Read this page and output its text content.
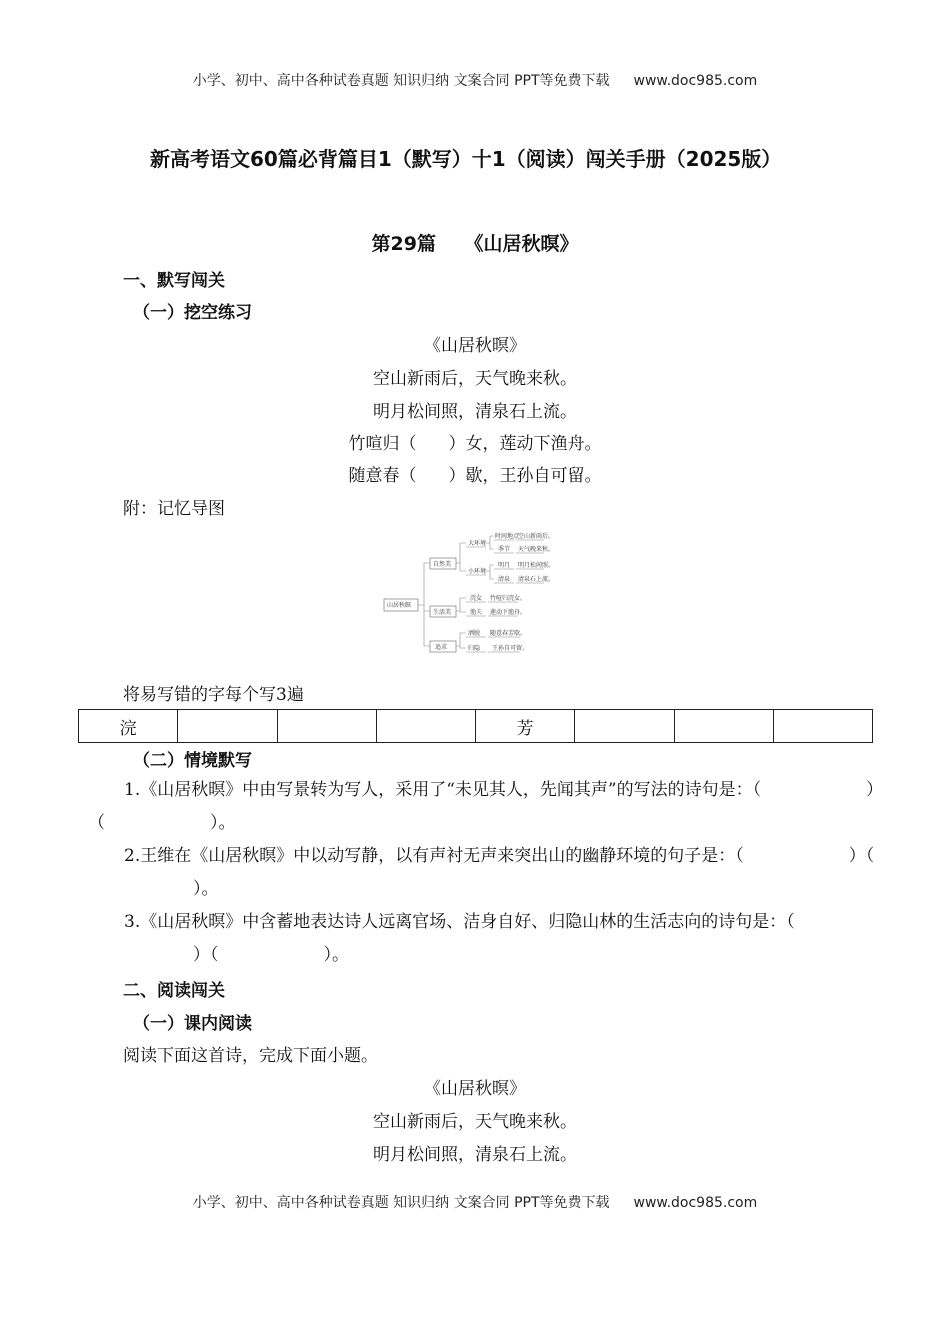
小学、初中、高中各种试卷真题 知识归纳 文案合同 PPT等免费下载 www.doc985.com
新高考语文60篇必背篇目1（默写）十1（阅读）闯关手册（2025版）
第29篇　　《山居秋暝》
一、默写闯关
（一）挖空练习
《山居秋暝》
空山新雨后，天气晚来秋。
明月松间照，清泉石上流。
竹喧归（ ）女，莲动下渔舟。
随意春（ ）歇，王孙自可留。
附：记忆导图
山居秋暝
自然美
生活美
追求
大环境
小环境
时间地点
空山新雨后。
季节 天气晚来秋。
明月 明月松间照。
清泉 清泉石上流。
浣女 竹喧归浣女。
渔夫 莲动下渔舟。
洒脱 随意春芳歇。
归隐 王孙自可留。
将易写错的字每个写3遍
浣				芳			
（二）情境默写
1.《山居秋暝》中由写景转为写人，采用了“未见其人，先闻其声”的写法的诗句是：（	）（	）。
2.王维在《山居秋暝》中以动写静，以有声衬无声来突出山的幽静环境的句子是：（	）（）。
3.《山居秋暝》中含蓄地表达诗人远离官场、洁身自好、归隐山林的生活志向的诗句是：（）（	）。
二、阅读闯关
（一）课内阅读
阅读下面这首诗，完成下面小题。
《山居秋暝》
空山新雨后，天气晚来秋。
明月松间照，清泉石上流。
小学、初中、高中各种试卷真题 知识归纳 文案合同 PPT等免费下载 www.doc985.com
